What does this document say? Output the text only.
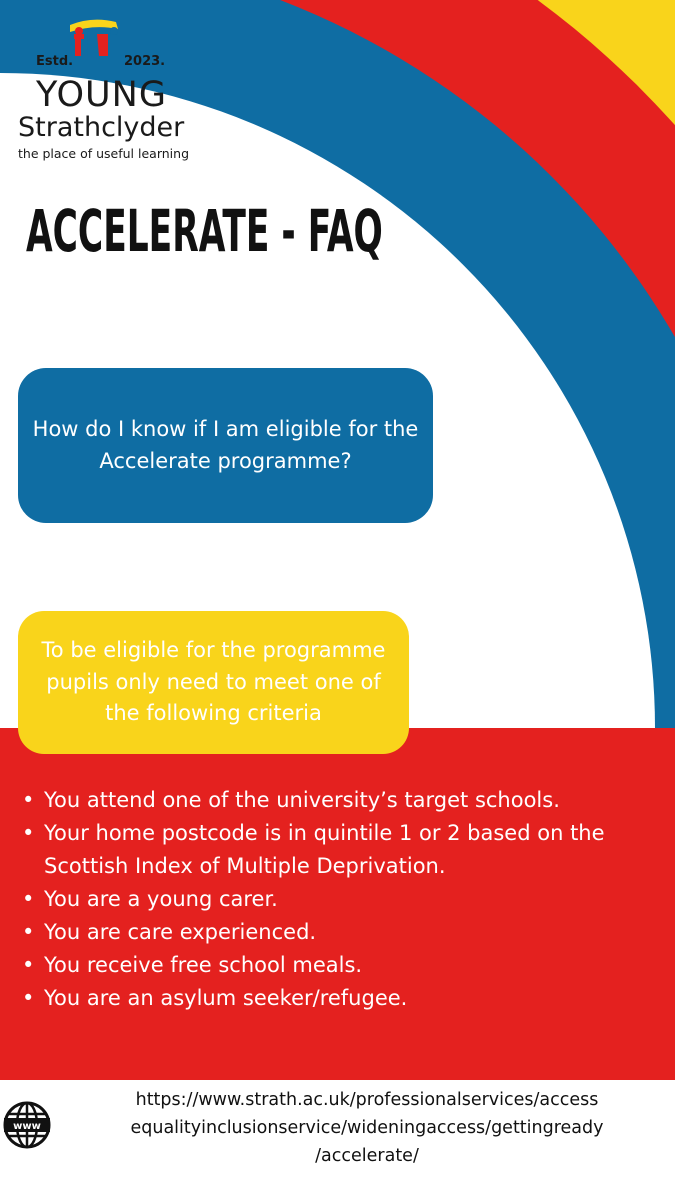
Estd.	2023.
YOUNG
Strathclyder
the place of useful learning
ACCELERATE - FAQ
How do I know if I am eligible for the Accelerate programme?
To be eligible for the programme pupils only need to meet one of the following criteria
• You attend one of the university’s target schools.
• Your home postcode is in quintile 1 or 2 based on the Scottish Index of Multiple Deprivation.
• You are a young carer.
• You are care experienced.
• You receive free school meals.
• You are an asylum seeker/refugee.
www

https://www.strath.ac.uk/professionalservices/access
equalityinclusionservice/wideningaccess/gettingready
/accelerate/
